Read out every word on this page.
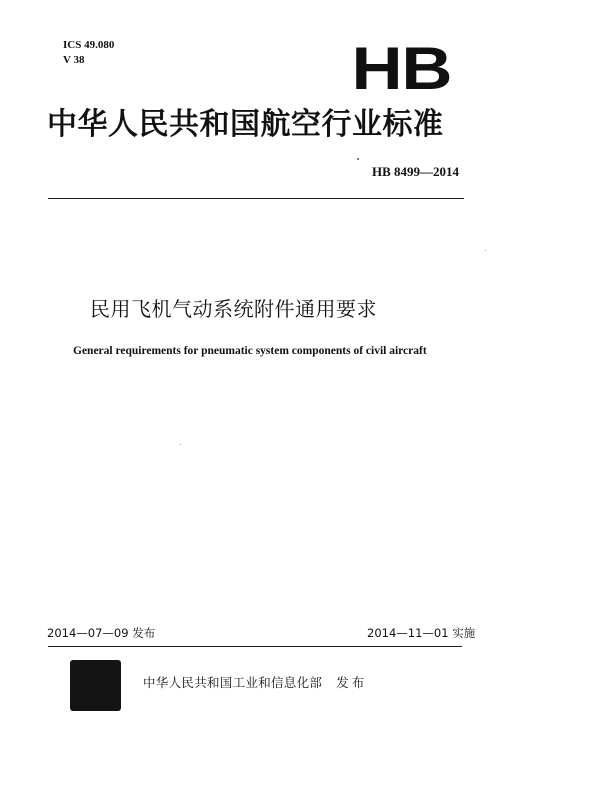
ICS 49.080
V 38	HB
中华人民共和国航空行业标准
HB 8499—2014
民用飞机气动系统附件通用要求
General requirements for pneumatic system components of civil aircraft
2014—07—09 发布	2014—11—01 实施
中华人民共和国工业和信息化部 发布
